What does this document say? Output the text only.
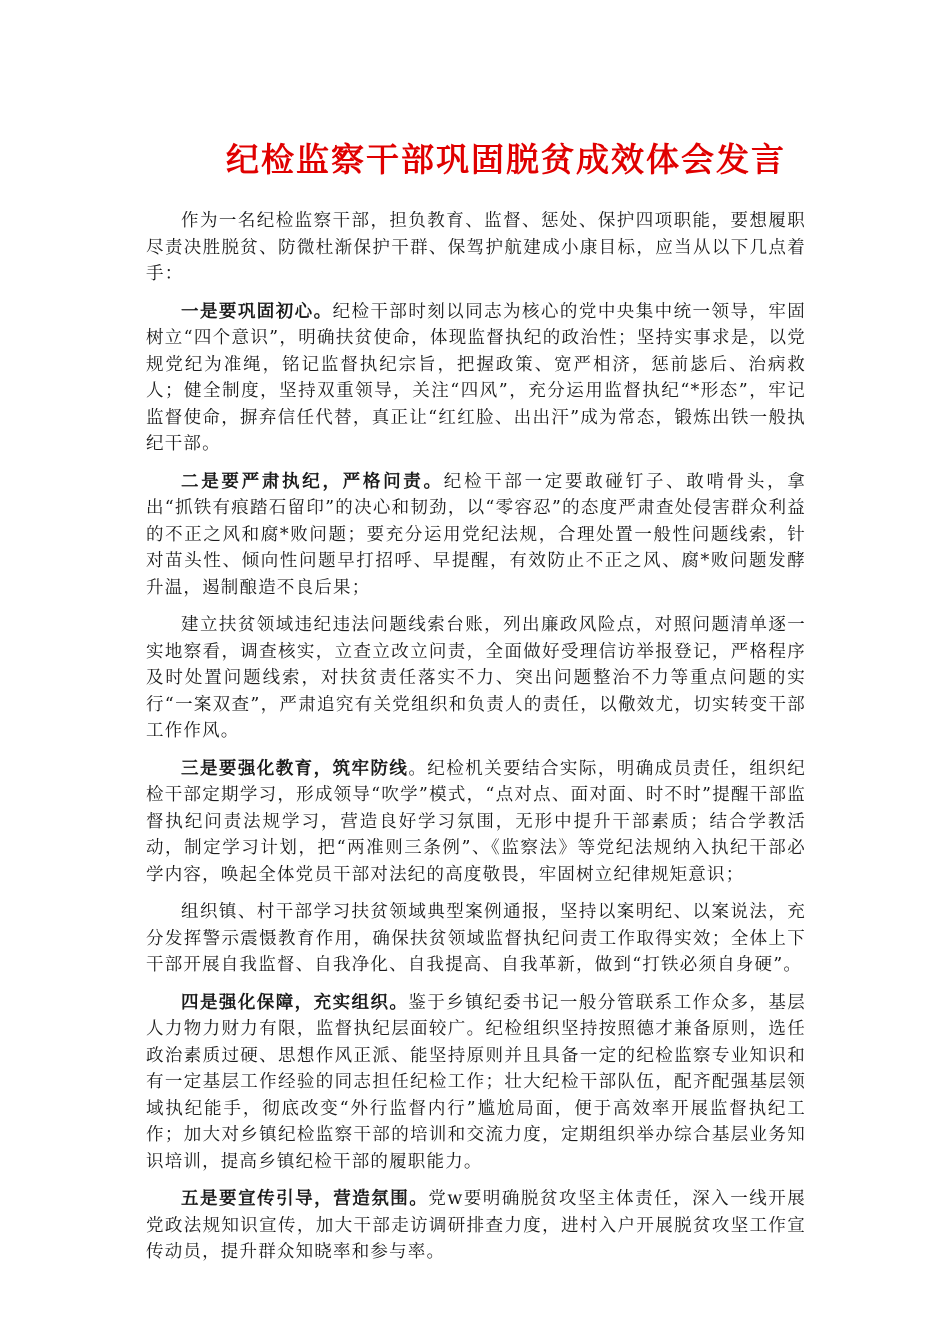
纪检监察干部巩固脱贫成效体会发言

作为一名纪检监察干部，担负教育、监督、惩处、保护四项职能，要想履职尽责决胜脱贫、防微杜渐保护干群、保驾护航建成小康目标，应当从以下几点着手：

一是要巩固初心。纪检干部时刻以同志为核心的党中央集中统一领导，牢固树立“四个意识”，明确扶贫使命，体现监督执纪的政治性；坚持实事求是，以党规党纪为准绳，铭记监督执纪宗旨，把握政策、宽严相济，惩前毖后、治病救人；健全制度，坚持双重领导，关注“四风”，充分运用监督执纪“*形态”，牢记监督使命，摒弃信任代替，真正让“红红脸、出出汗”成为常态，锻炼出铁一般执纪干部。

二是要严肃执纪，严格问责。纪检干部一定要敢碰钉子、敢啃骨头，拿出“抓铁有痕踏石留印”的决心和韧劲，以“零容忍”的态度严肃查处侵害群众利益的不正之风和腐*败问题；要充分运用党纪法规，合理处置一般性问题线索，针对苗头性、倾向性问题早打招呼、早提醒，有效防止不正之风、腐*败问题发酵升温，遏制酿造不良后果；

建立扶贫领域违纪违法问题线索台账，列出廉政风险点，对照问题清单逐一实地察看，调查核实，立查立改立问责，全面做好受理信访举报登记，严格程序及时处置问题线索，对扶贫责任落实不力、突出问题整治不力等重点问题的实行“一案双查”，严肃追究有关党组织和负责人的责任，以儆效尤，切实转变干部工作作风。

三是要强化教育，筑牢防线。纪检机关要结合实际，明确成员责任，组织纪检干部定期学习，形成领导“吹学”模式，“点对点、面对面、时不时”提醒干部监督执纪问责法规学习，营造良好学习氛围，无形中提升干部素质；结合学教活动，制定学习计划，把“两准则三条例”、《监察法》等党纪法规纳入执纪干部必学内容，唤起全体党员干部对法纪的高度敬畏，牢固树立纪律规矩意识；

组织镇、村干部学习扶贫领域典型案例通报，坚持以案明纪、以案说法，充分发挥警示震慑教育作用，确保扶贫领域监督执纪问责工作取得实效；全体上下干部开展自我监督、自我净化、自我提高、自我革新，做到“打铁必须自身硬”。

四是强化保障，充实组织。鉴于乡镇纪委书记一般分管联系工作众多，基层人力物力财力有限，监督执纪层面较广。纪检组织坚持按照德才兼备原则，选任政治素质过硬、思想作风正派、能坚持原则并且具备一定的纪检监察专业知识和有一定基层工作经验的同志担任纪检工作；壮大纪检干部队伍，配齐配强基层领域执纪能手，彻底改变“外行监督内行”尴尬局面，便于高效率开展监督执纪工作；加大对乡镇纪检监察干部的培训和交流力度，定期组织举办综合基层业务知识培训，提高乡镇纪检干部的履职能力。

五是要宣传引导，营造氛围。党w要明确脱贫攻坚主体责任，深入一线开展党政法规知识宣传，加大干部走访调研排查力度，进村入户开展脱贫攻坚工作宣传动员，提升群众知晓率和参与率。
